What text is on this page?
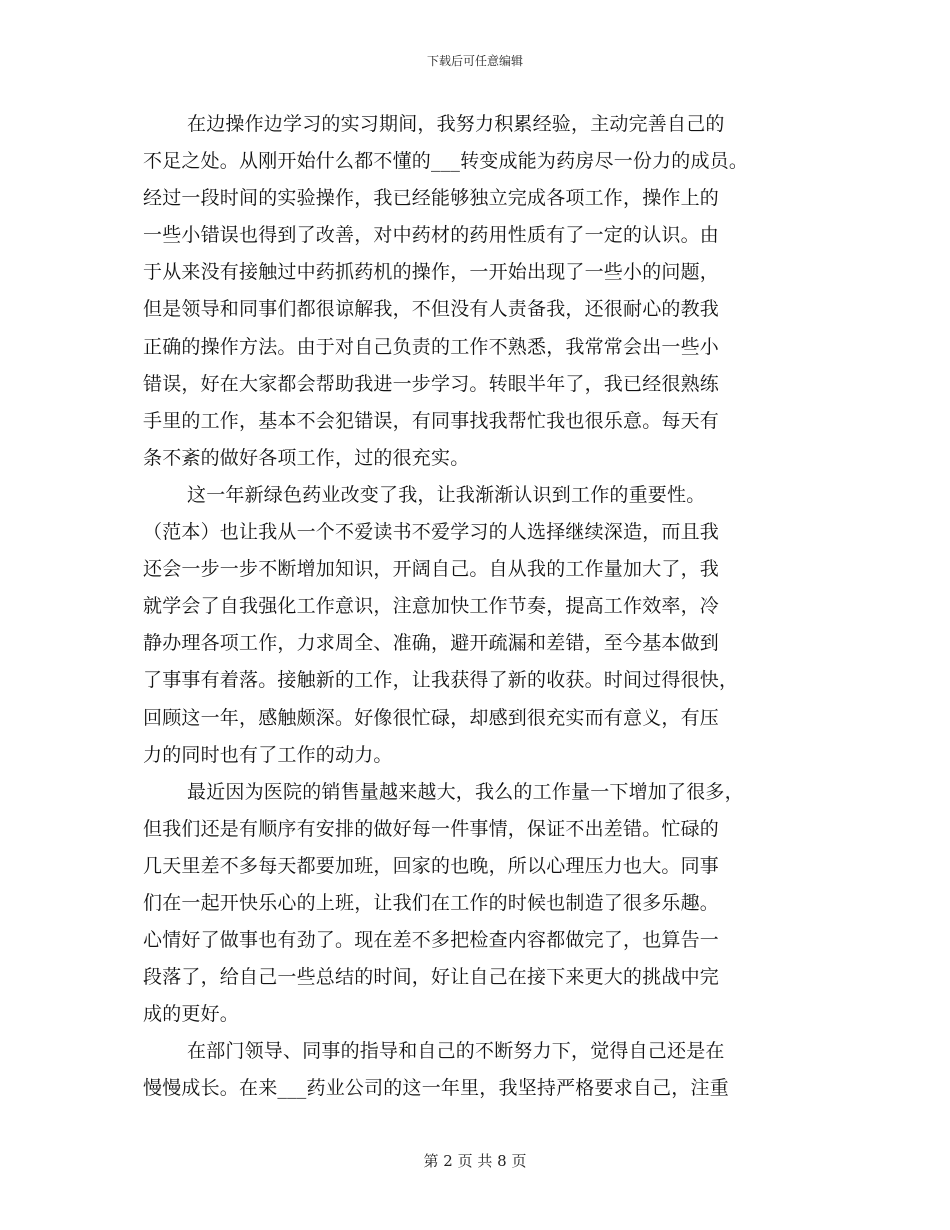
下载后可任意编辑
在边操作边学习的实习期间，我努力积累经验，主动完善自己的
不足之处。从刚开始什么都不懂的___转变成能为药房尽一份力的成员。
经过一段时间的实验操作，我已经能够独立完成各项工作，操作上的
一些小错误也得到了改善，对中药材的药用性质有了一定的认识。由
于从来没有接触过中药抓药机的操作，一开始出现了一些小的问题，
但是领导和同事们都很谅解我，不但没有人责备我，还很耐心的教我
正确的操作方法。由于对自己负责的工作不熟悉，我常常会出一些小
错误，好在大家都会帮助我进一步学习。转眼半年了，我已经很熟练
手里的工作，基本不会犯错误，有同事找我帮忙我也很乐意。每天有
条不紊的做好各项工作，过的很充实。
这一年新绿色药业改变了我，让我渐渐认识到工作的重要性。
（范本）也让我从一个不爱读书不爱学习的人选择继续深造，而且我
还会一步一步不断增加知识，开阔自己。自从我的工作量加大了，我
就学会了自我强化工作意识，注意加快工作节奏，提高工作效率，冷
静办理各项工作，力求周全、准确，避开疏漏和差错，至今基本做到
了事事有着落。接触新的工作，让我获得了新的收获。时间过得很快，
回顾这一年，感触颇深。好像很忙碌，却感到很充实而有意义，有压
力的同时也有了工作的动力。
最近因为医院的销售量越来越大，我么的工作量一下增加了很多，
但我们还是有顺序有安排的做好每一件事情，保证不出差错。忙碌的
几天里差不多每天都要加班，回家的也晚，所以心理压力也大。同事
们在一起开快乐心的上班，让我们在工作的时候也制造了很多乐趣。
心情好了做事也有劲了。现在差不多把检查内容都做完了，也算告一
段落了，给自己一些总结的时间，好让自己在接下来更大的挑战中完
成的更好。
在部门领导、同事的指导和自己的不断努力下，觉得自己还是在
慢慢成长。在来___药业公司的这一年里，我坚持严格要求自己，注重
第 2 页 共 8 页
